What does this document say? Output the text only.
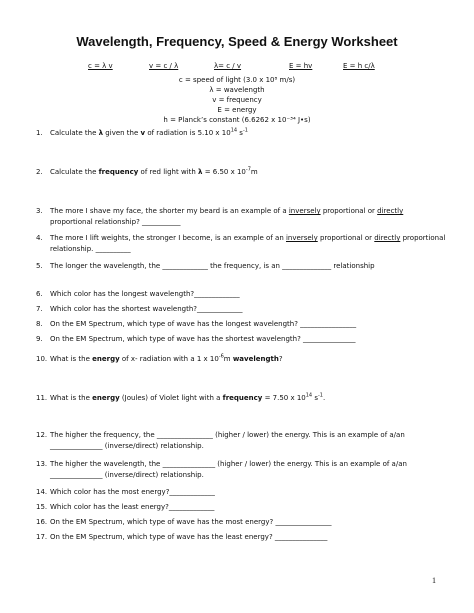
Wavelength, Frequency, Speed & Energy Worksheet
c = λ v	v = c / λ	λ= c / v	E = hv	E = h c/λ
c = speed of light (3.0 x 10⁸ m/s)
λ = wavelength
v = frequency
E = energy
h = Planck’s constant (6.6262 x 10⁻³⁴ J•s)
1. Calculate the λ given the v of radiation is 5.10 x $10^{14}$ $s^{-1}$
2. Calculate the frequency of red light with λ = 6.50 x $10^{-7}m$
3. The more I shave my face, the shorter my beard is an example of a inversely proportional or directly proportional relationship? ___________
4. The more I lift weights, the stronger I become, is an example of an inversely proportional or directly proportional relationship. __________
5. The longer the wavelength, the _____________ the frequency, is an ______________ relationship
6. Which color has the longest wavelength?_____________
7. Which color has the shortest wavelength?_____________
8. On the EM Spectrum, which type of wave has the longest wavelength? ________________
9. On the EM Spectrum, which type of wave has the shortest wavelength? _______________
10. What is the energy of x- radiation with a 1 x $10^{-6}m$ wavelength?
11. What is the energy (Joules) of Violet light with a frequency = 7.50 x $10^{14}$ $s^{-1}$.
12. The higher the frequency, the ________________ (higher / lower) the energy. This is an example of a/an _______________ (inverse/direct) relationship.
13. The higher the wavelength, the _______________ (higher / lower) the energy. This is an example of a/an _______________ (inverse/direct) relationship.
14. Which color has the most energy?_____________
15. Which color has the least energy?_____________
16. On the EM Spectrum, which type of wave has the most energy? ________________
17. On the EM Spectrum, which type of wave has the least energy? _______________
1
